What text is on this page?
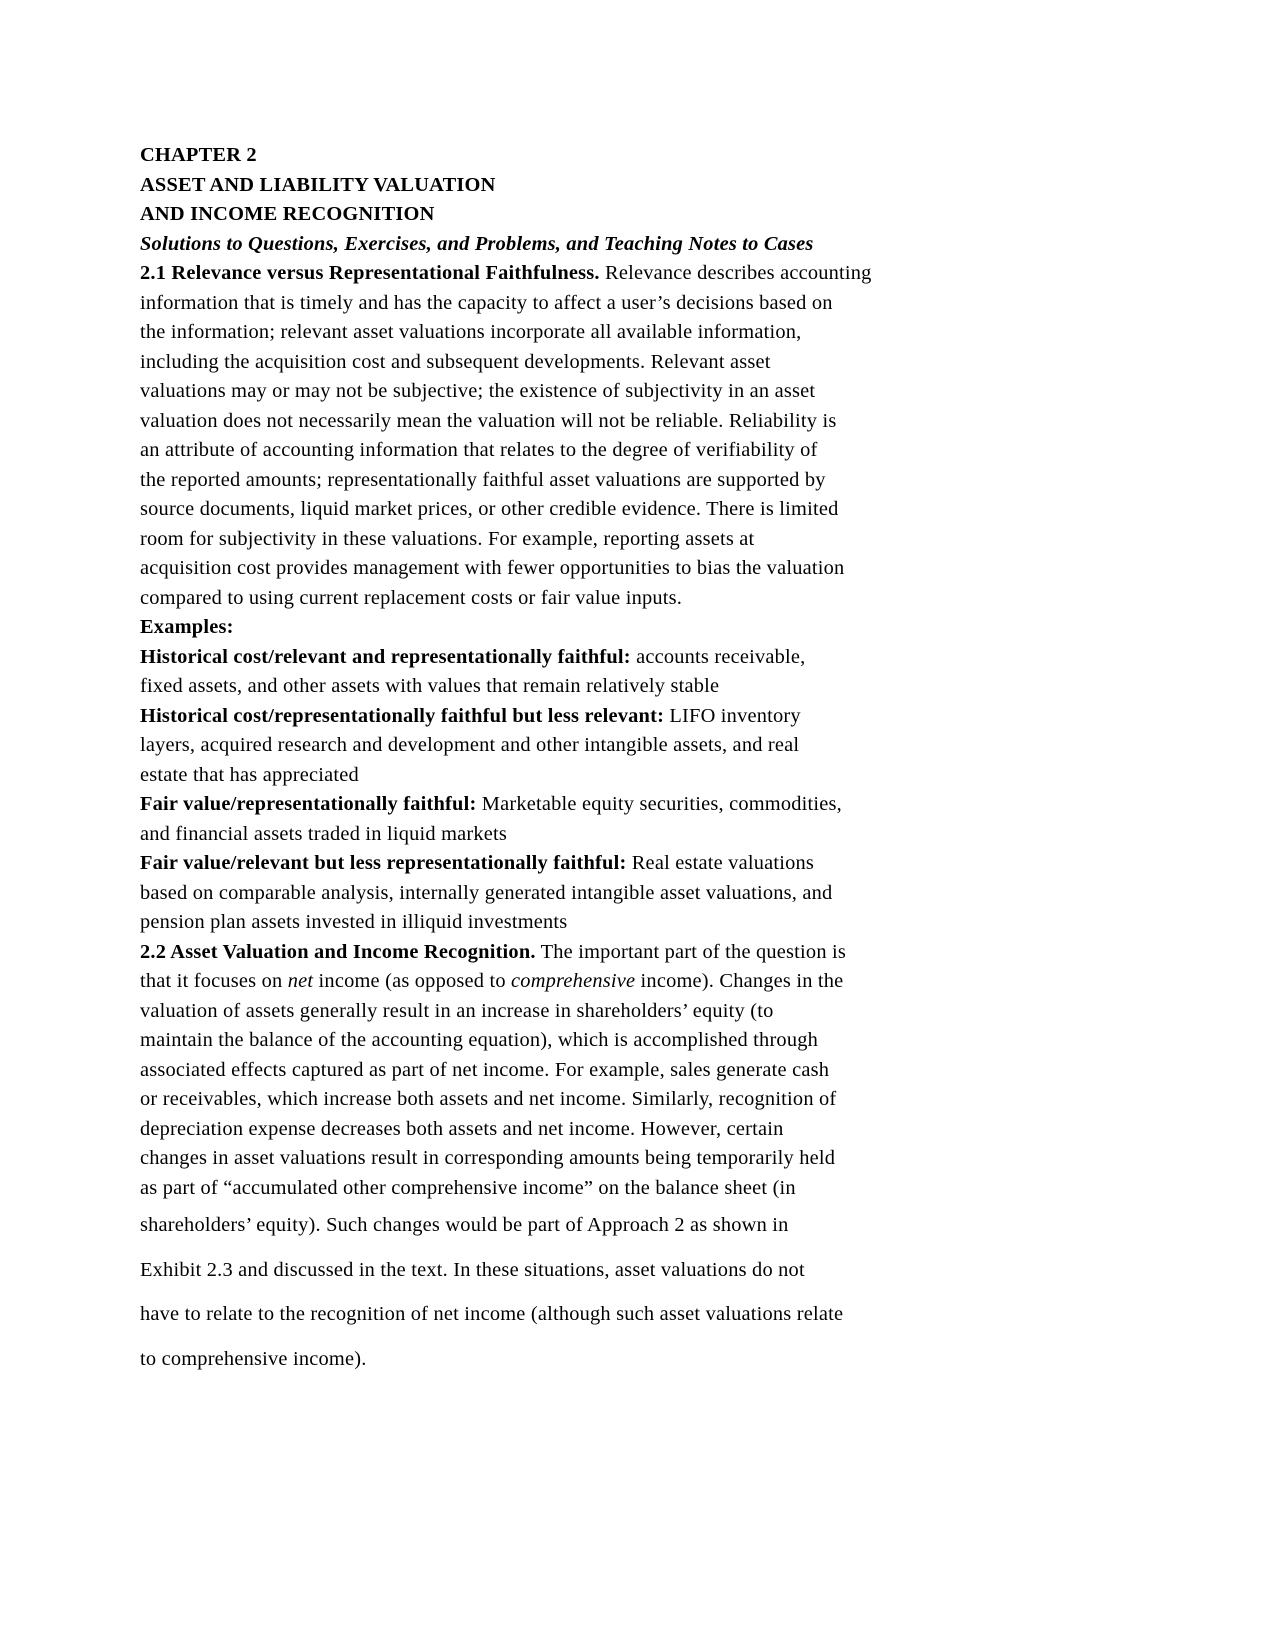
CHAPTER 2
ASSET AND LIABILITY VALUATION
AND INCOME RECOGNITION
Solutions to Questions, Exercises, and Problems, and Teaching Notes to Cases
2.1 Relevance versus Representational Faithfulness. Relevance describes accounting
information that is timely and has the capacity to affect a user’s decisions based on
the information; relevant asset valuations incorporate all available information,
including the acquisition cost and subsequent developments. Relevant asset
valuations may or may not be subjective; the existence of subjectivity in an asset
valuation does not necessarily mean the valuation will not be reliable. Reliability is
an attribute of accounting information that relates to the degree of verifiability of
the reported amounts; representationally faithful asset valuations are supported by
source documents, liquid market prices, or other credible evidence. There is limited
room for subjectivity in these valuations. For example, reporting assets at
acquisition cost provides management with fewer opportunities to bias the valuation
compared to using current replacement costs or fair value inputs.
Examples:
Historical cost/relevant and representationally faithful: accounts receivable,
fixed assets, and other assets with values that remain relatively stable
Historical cost/representationally faithful but less relevant: LIFO inventory
layers, acquired research and development and other intangible assets, and real
estate that has appreciated
Fair value/representationally faithful: Marketable equity securities, commodities,
and financial assets traded in liquid markets
Fair value/relevant but less representationally faithful: Real estate valuations
based on comparable analysis, internally generated intangible asset valuations, and
pension plan assets invested in illiquid investments
2.2 Asset Valuation and Income Recognition. The important part of the question is
that it focuses on net income (as opposed to comprehensive income). Changes in the
valuation of assets generally result in an increase in shareholders’ equity (to
maintain the balance of the accounting equation), which is accomplished through
associated effects captured as part of net income. For example, sales generate cash
or receivables, which increase both assets and net income. Similarly, recognition of
depreciation expense decreases both assets and net income. However, certain
changes in asset valuations result in corresponding amounts being temporarily held
as part of “accumulated other comprehensive income” on the balance sheet (in
shareholders’ equity). Such changes would be part of Approach 2 as shown in
Exhibit 2.3 and discussed in the text. In these situations, asset valuations do not
have to relate to the recognition of net income (although such asset valuations relate
to comprehensive income).
